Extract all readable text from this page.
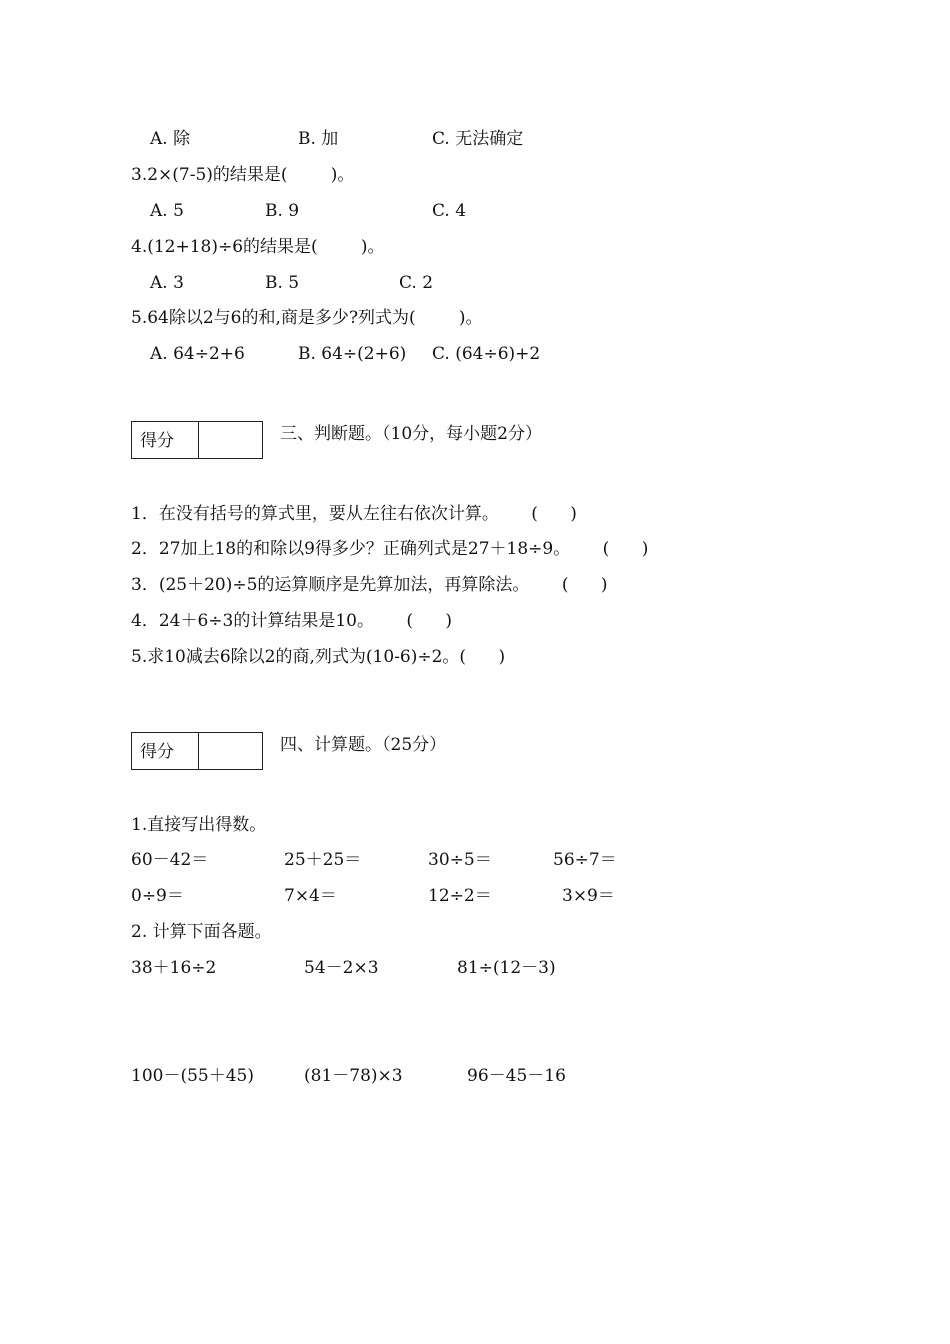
A. 除	B. 加	C. 无法确定
3.2×(7-5)的结果是(        )。
A. 5	B. 9	C. 4
4.(12+18)÷6的结果是(        )。
A. 3	B. 5	C. 2
5.64除以2与6的和,商是多少?列式为(        )。
A. 64÷2+6	B. 64÷(2+6) C. (64÷6)+2
得分	三、判断题。（10分，每小题2分）
1．在没有括号的算式里，要从左往右依次计算。      (      )
2．27加上18的和除以9得多少？正确列式是27＋18÷9。      (      )
3．(25＋20)÷5的运算顺序是先算加法，再算除法。      (      )
4．24＋6÷3的计算结果是10。      (      )
5.求10减去6除以2的商,列式为(10-6)÷2。(      )
得分	四、计算题。（25分）
1.直接写出得数。
60－42＝	25＋25＝	30÷5＝	56÷7＝
0÷9＝	7×4＝	12÷2＝	3×9＝
2. 计算下面各题。
38＋16÷2	54－2×3	81÷(12－3)
100－(55＋45)	(81－78)×3	96－45－16
